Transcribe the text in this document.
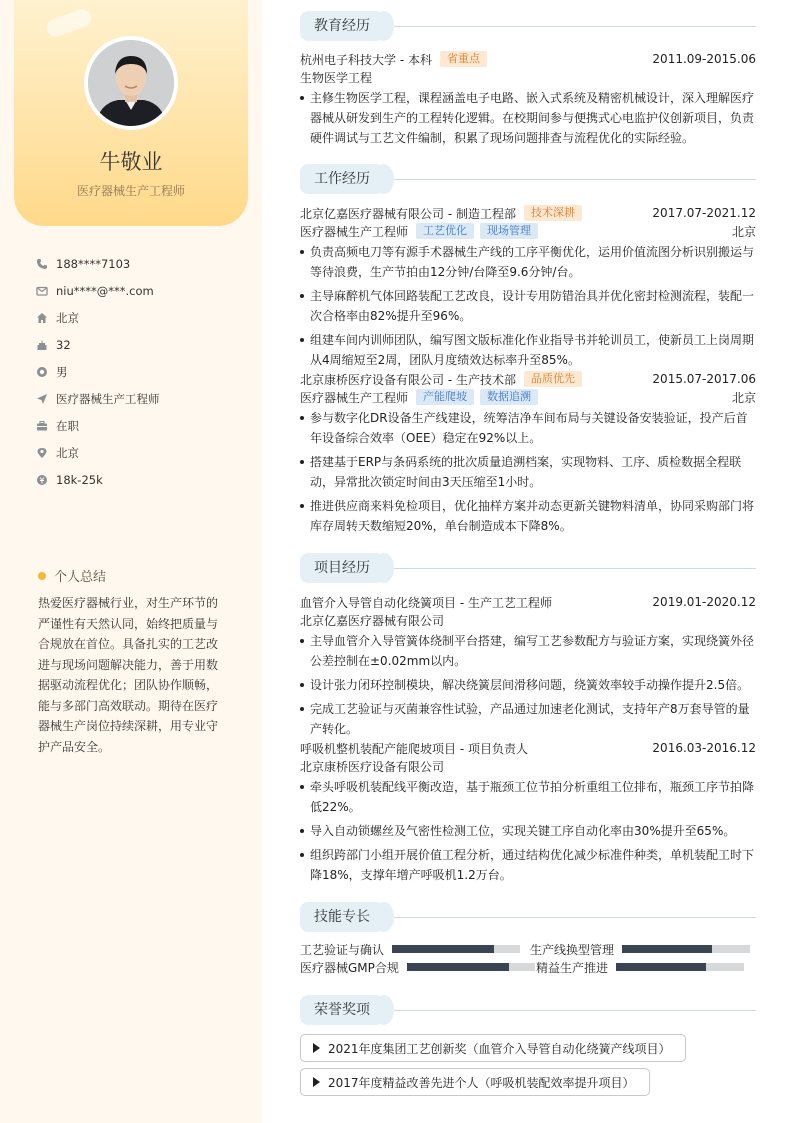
牛敬业
医疗器械生产工程师
188****7103
niu****@***.com
北京
32
男
医疗器械生产工程师
在职
北京
18k-25k
个人总结

热爱医疗器械行业，对生产环节的严谨性有天然认同，始终把质量与合规放在首位。具备扎实的工艺改进与现场问题解决能力，善于用数据驱动流程优化；团队协作顺畅，能与多部门高效联动。期待在医疗器械生产岗位持续深耕，用专业守护产品安全。

教育经历
杭州电子科技大学 - 本科	省重点	2011.09-2015.06
生物医学工程
主修生物医学工程，课程涵盖电子电路、嵌入式系统及精密机械设计，深入理解医疗器械从研发到生产的工程转化逻辑。在校期间参与便携式心电监护仪创新项目，负责硬件调试与工艺文件编制，积累了现场问题排查与流程优化的实际经验。
工作经历
北京亿嘉医疗器械有限公司 - 制造工程部	技术深耕	2017.07-2021.12
医疗器械生产工程师	工艺优化	现场管理	北京
负责高频电刀等有源手术器械生产线的工序平衡优化，运用价值流图分析识别搬运与等待浪费，生产节拍由12分钟/台降至9.6分钟/台。
主导麻醉机气体回路装配工艺改良，设计专用防错治具并优化密封检测流程，装配一次合格率由82%提升至96%。
组建车间内训师团队，编写图文版标准化作业指导书并轮训员工，使新员工上岗周期从4周缩短至2周，团队月度绩效达标率升至85%。
北京康桥医疗设备有限公司 - 生产技术部	品质优先	2015.07-2017.06
医疗器械生产工程师	产能爬坡	数据追溯	北京
参与数字化DR设备生产线建设，统筹洁净车间布局与关键设备安装验证，投产后首年设备综合效率（OEE）稳定在92%以上。
搭建基于ERP与条码系统的批次质量追溯档案，实现物料、工序、质检数据全程联动，异常批次锁定时间由3天压缩至1小时。
推进供应商来料免检项目，优化抽样方案并动态更新关键物料清单，协同采购部门将库存周转天数缩短20%，单台制造成本下降8%。
项目经历
血管介入导管自动化绕簧项目 - 生产工艺工程师	2019.01-2020.12
北京亿嘉医疗器械有限公司
主导血管介入导管簧体绕制平台搭建，编写工艺参数配方与验证方案，实现绕簧外径公差控制在±0.02mm以内。
设计张力闭环控制模块，解决绕簧层间滑移问题，绕簧效率较手动操作提升2.5倍。
完成工艺验证与灭菌兼容性试验，产品通过加速老化测试，支持年产8万套导管的量产转化。
呼吸机整机装配产能爬坡项目 - 项目负责人	2016.03-2016.12
北京康桥医疗设备有限公司
牵头呼吸机装配线平衡改造，基于瓶颈工位节拍分析重组工位排布，瓶颈工序节拍降低22%。
导入自动锁螺丝及气密性检测工位，实现关键工序自动化率由30%提升至65%。
组织跨部门小组开展价值工程分析，通过结构优化减少标准件种类，单机装配工时下降18%，支撑年增产呼吸机1.2万台。
技能专长
工艺验证与确认	生产线换型管理
医疗器械GMP合规	精益生产推进
荣誉奖项
2021年度集团工艺创新奖（血管介入导管自动化绕簧产线项目）
2017年度精益改善先进个人（呼吸机装配效率提升项目）
